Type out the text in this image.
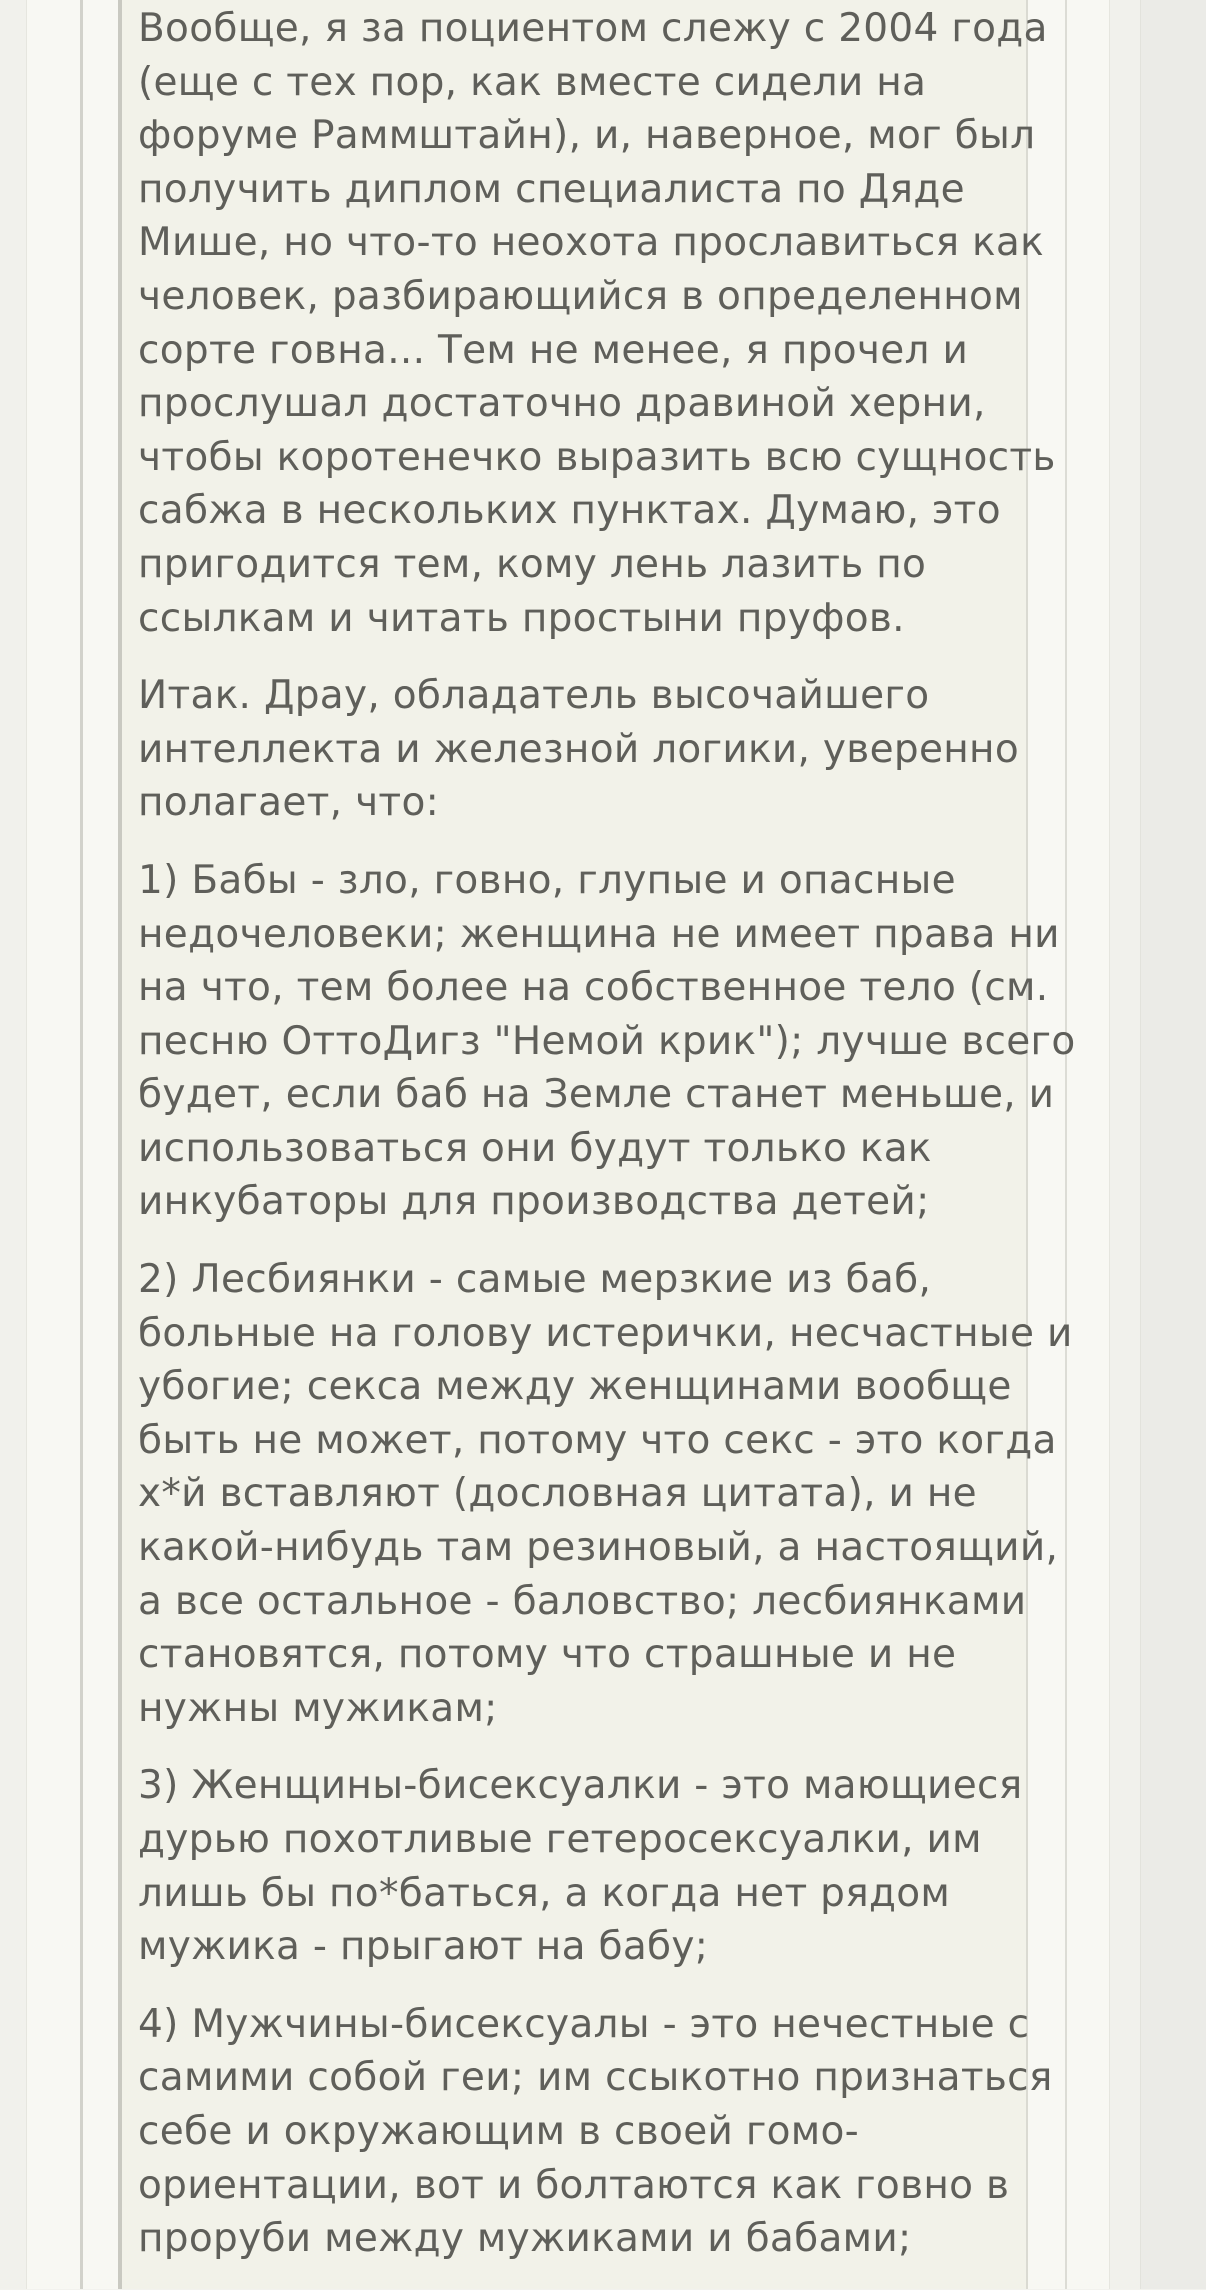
Вообще, я за поциентом слежу с 2004 года
(еще с тех пор, как вместе сидели на
форуме Раммштайн), и, наверное, мог был
получить диплом специалиста по Дяде
Мише, но что-то неохота прославиться как
человек, разбирающийся в определенном
сорте говна... Тем не менее, я прочел и
прослушал достаточно дравиной херни,
чтобы коротенечко выразить всю сущность
сабжа в нескольких пунктах. Думаю, это
пригодится тем, кому лень лазить по
ссылкам и читать простыни пруфов.

Итак. Драу, обладатель высочайшего
интеллекта и железной логики, уверенно
полагает, что:

1) Бабы - зло, говно, глупые и опасные
недочеловеки; женщина не имеет права ни
на что, тем более на собственное тело (см.
песню ОттоДигз "Немой крик"); лучше всего
будет, если баб на Земле станет меньше, и
использоваться они будут только как
инкубаторы для производства детей;

2) Лесбиянки - самые мерзкие из баб,
больные на голову истерички, несчастные и
убогие; секса между женщинами вообще
быть не может, потому что секс - это когда
х*й вставляют (дословная цитата), и не
какой-нибудь там резиновый, а настоящий,
а все остальное - баловство; лесбиянками
становятся, потому что страшные и не
нужны мужикам;

3) Женщины-бисексуалки - это мающиеся
дурью похотливые гетеросексуалки, им
лишь бы по*баться, а когда нет рядом
мужика - прыгают на бабу;

4) Мужчины-бисексуалы - это нечестные с
самими собой геи; им ссыкотно признаться
себе и окружающим в своей гомо-
ориентации, вот и болтаются как говно в
проруби между мужиками и бабами;
